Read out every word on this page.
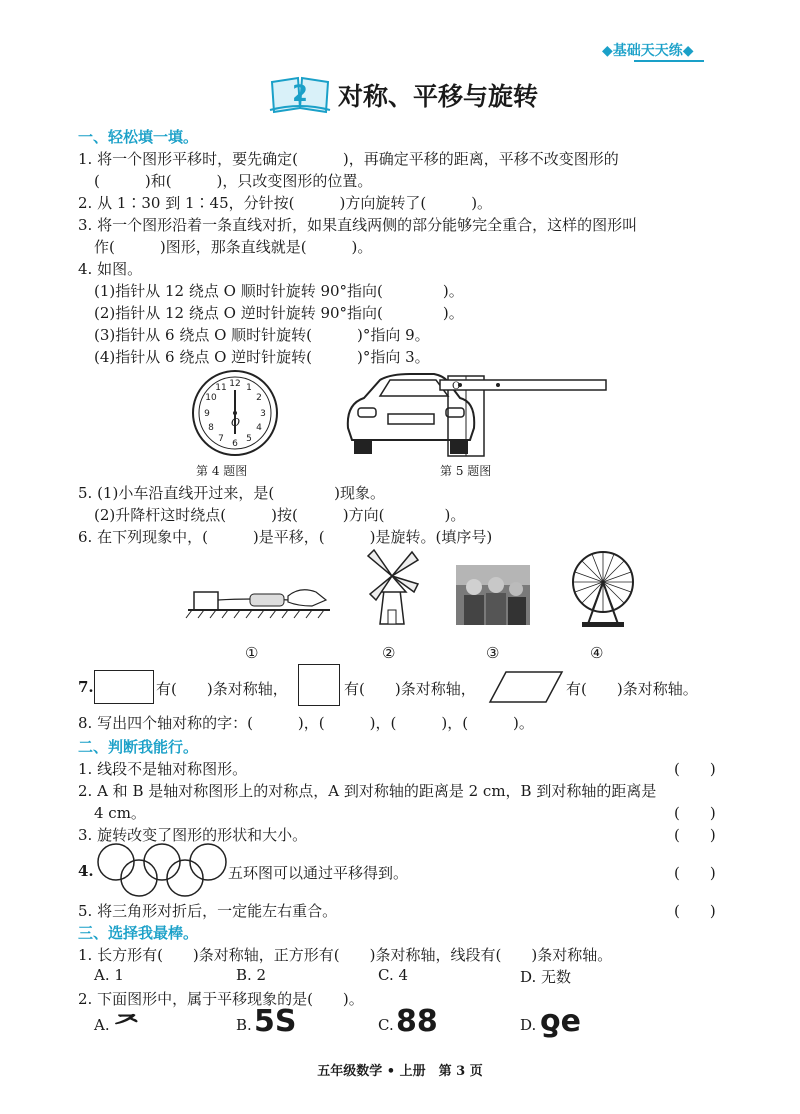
◆基础天天练◆
2 对称、平移与旋转
一、轻松填一填。
1. 将一个图形平移时，要先确定(　　　)，再确定平移的距离，平移不改变图形的
(　　　)和(　　　)，只改变图形的位置。
2. 从 1∶30 到 1∶45，分针按(　　　)方向旋转了(　　　)。
3. 将一个图形沿着一条直线对折，如果直线两侧的部分能够完全重合，这样的图形叫
作(　　　)图形，那条直线就是(　　　)。
4. 如图。
(1)指针从 12 绕点 O 顺时针旋转 90°指向(　　　　)。
(2)指针从 12 绕点 O 逆时针旋转 90°指向(　　　　)。
(3)指针从 6 绕点 O 顺时针旋转(　　　)°指向 9。
(4)指针从 6 绕点 O 逆时针旋转(　　　)°指向 3。
12 1
2
3
4
5
6
7
8
9
10
11
O
第 4 题图
O
第 5 题图
5. (1)小车沿直线开过来，是(　　　　)现象。
(2)升降杆这时绕点(　　　)按(　　　)方向(　　　　)。
6. 在下列现象中，(　　　)是平移，(　　　)是旋转。(填序号)
①	②	③	④
7.	有(　　)条对称轴，	有(　　)条对称轴，	有(　　)条对称轴。
8. 写出四个轴对称的字：(　　　)，(　　　)，(　　　)，(　　　)。
二、判断我能行。
1. 线段不是轴对称图形。	(　　)
2. A 和 B 是轴对称图形上的对称点，A 到对称轴的距离是 2 cm，B 到对称轴的距离是
4 cm。	(　　)
3. 旋转改变了图形的形状和大小。	(　　)
4.	五环图可以通过平移得到。	(　　)
5. 将三角形对折后，一定能左右重合。	(　　)
三、选择我最棒。
1. 长方形有(　　)条对称轴，正方形有(　　)条对称轴，线段有(　　)条对称轴。
A. 1	B. 2	C. 4	D. 无数
2. 下面图形中，属于平移现象的是(　　)。
A. ᅎ	B. 5S	C. 88	D. ƍe
五年级数学 • 上册　第 3 页
